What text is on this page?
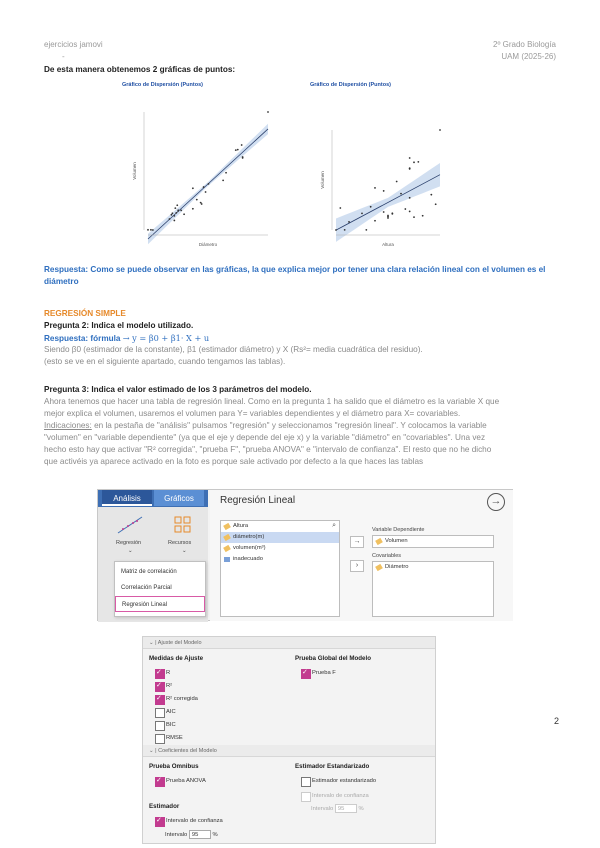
ejercicios jamovi
-
2º Grado Biología
UAM (2025-26)
De esta manera obtenemos 2 gráficas de puntos:
Gráfico de Dispersión (Puntos)	Gráfico de Dispersión (Puntos)
Diámetro
Volumen
Altura
Volumen
Respuesta: Como se puede observar en las gráficas, la que explica mejor por tener una clara relación lineal con el volumen es el diámetro
REGRESIÓN SIMPLE
Pregunta 2: Indica el modelo utilizado.
Respuesta: fórmula → y = β0 + β1· X + u
Siendo β0 (estimador de la constante), β1 (estimador diámetro) y X (Rs²= media cuadrática del residuo).
(esto se ve en el siguiente apartado, cuando tengamos las tablas).
Pregunta 3: Indica el valor estimado de los 3 parámetros del modelo.
Ahora tenemos que hacer una tabla de regresión lineal. Como en la pregunta 1 ha salido que el diámetro es la variable X que
mejor explica el volumen, usaremos el volumen para Y= variables dependientes y el diámetro para X= covariables.
Indicaciones: en la pestaña de "análisis" pulsamos "regresión" y seleccionamos "regresión lineal". Y colocamos la variable
"volumen" en "variable dependiente" (ya que el eje y depende del eje x) y la variable "diámetro" en "covariables". Una vez
hecho esto hay que activar "R² corregida", "prueba F", "prueba ANOVA" e "intervalo de confianza". El resto que no he dicho
que activéis ya aparece activado en la foto es porque sale activado por defecto a la que haces las tablas
Análisis	Gráficos
Regresión
⌄
Recursos
⌄
Regresión Lineal	→
Altura
diámetro(m)
volumen(m³)
inadecuado
⌕
→
›
Variable Dependiente
Volumen
Covariables
Diámetro
Matriz de correlación
Correlación Parcial
Regresión Lineal
⌄ | Ajuste del Modelo
Medidas de Ajuste
R ✓
R² ✓
R² corregida ✓
AIC
BIC
RMSE
Prueba Global del Modelo
Prueba F ✓
⌄ | Coeficientes del Modelo
Prueba Omnibus
Prueba ANOVA ✓
Estimador Estandarizado
Estimador estandarizado
Intervalo de confianza
Intervalo 95 %
Estimador
Intervalo de confianza ✓
Intervalo 95 %
2
